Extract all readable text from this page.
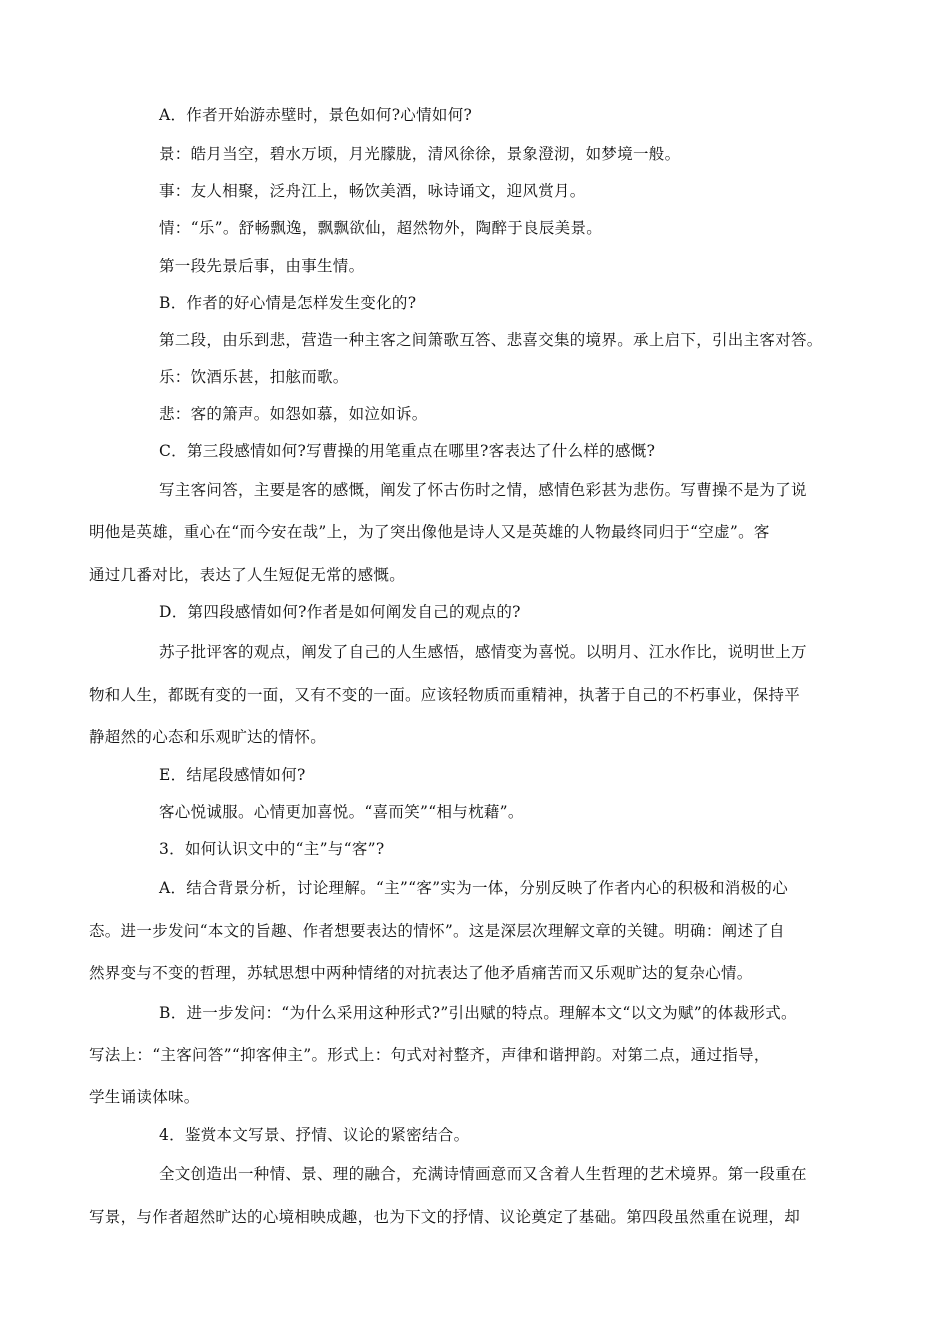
A．作者开始游赤壁时，景色如何?心情如何?
景：皓月当空，碧水万顷，月光朦胧，清风徐徐，景象澄沏，如梦境一般。
事：友人相聚，泛舟江上，畅饮美酒，咏诗诵文，迎风赏月。
情：“乐”。舒畅飘逸，飘飘欲仙，超然物外，陶醉于良辰美景。
第一段先景后事，由事生情。
B．作者的好心情是怎样发生变化的?
第二段，由乐到悲，营造一种主客之间箫歌互答、悲喜交集的境界。承上启下，引出主客对答。
乐：饮酒乐甚，扣舷而歌。
悲：客的箫声。如怨如慕，如泣如诉。
C．第三段感情如何?写曹操的用笔重点在哪里?客表达了什么样的感慨?
写主客问答，主要是客的感慨，阐发了怀古伤时之情，感情色彩甚为悲伤。写曹操不是为了说
明他是英雄，重心在“而今安在哉”上，为了突出像他是诗人又是英雄的人物最终同归于“空虚”。客
通过几番对比，表达了人生短促无常的感慨。
D．第四段感情如何?作者是如何阐发自己的观点的?
苏子批评客的观点，阐发了自己的人生感悟，感情变为喜悦。以明月、江水作比，说明世上万
物和人生，都既有变的一面，又有不变的一面。应该轻物质而重精神，执著于自己的不朽事业，保持平
静超然的心态和乐观旷达的情怀。
E．结尾段感情如何?
客心悦诚服。心情更加喜悦。“喜而笑”“相与枕藉”。
3．如何认识文中的“主”与“客”?
A．结合背景分析，讨论理解。“主”“客”实为一体，分别反映了作者内心的积极和消极的心
态。进一步发问“本文的旨趣、作者想要表达的情怀”。这是深层次理解文章的关键。明确：阐述了自
然界变与不变的哲理，苏轼思想中两种情绪的对抗表达了他矛盾痛苦而又乐观旷达的复杂心情。
B．进一步发问：“为什么采用这种形式?”引出赋的特点。理解本文“以文为赋”的体裁形式。
写法上：“主客问答”“抑客伸主”。形式上：句式对衬整齐，声律和谐押韵。对第二点，通过指导，
学生诵读体味。
4．鉴赏本文写景、抒情、议论的紧密结合。
全文创造出一种情、景、理的融合，充满诗情画意而又含着人生哲理的艺术境界。第一段重在
写景，与作者超然旷达的心境相映成趣，也为下文的抒情、议论奠定了基础。第四段虽然重在说理，却
